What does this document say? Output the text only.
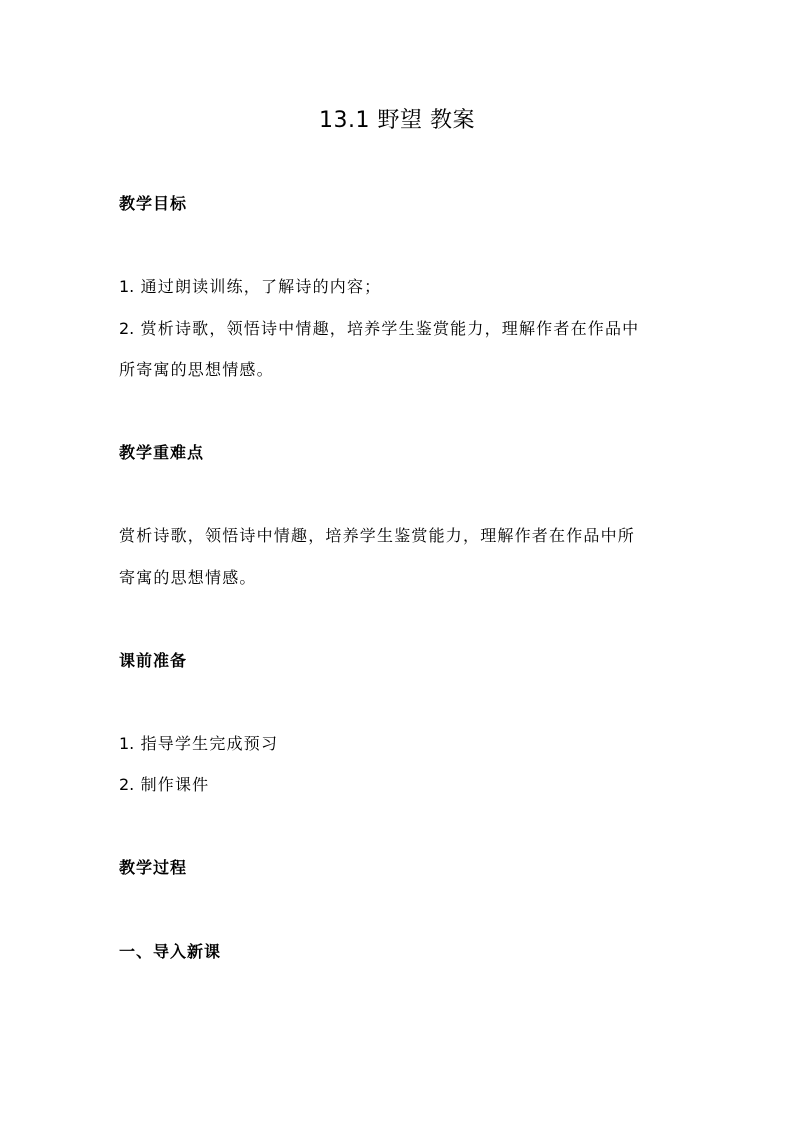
13.1 野望 教案
教学目标
1. 通过朗读训练，了解诗的内容；
2. 赏析诗歌，领悟诗中情趣，培养学生鉴赏能力，理解作者在作品中
所寄寓的思想情感。
教学重难点
赏析诗歌，领悟诗中情趣，培养学生鉴赏能力，理解作者在作品中所
寄寓的思想情感。
课前准备
1. 指导学生完成预习
2. 制作课件
教学过程
一、导入新课
